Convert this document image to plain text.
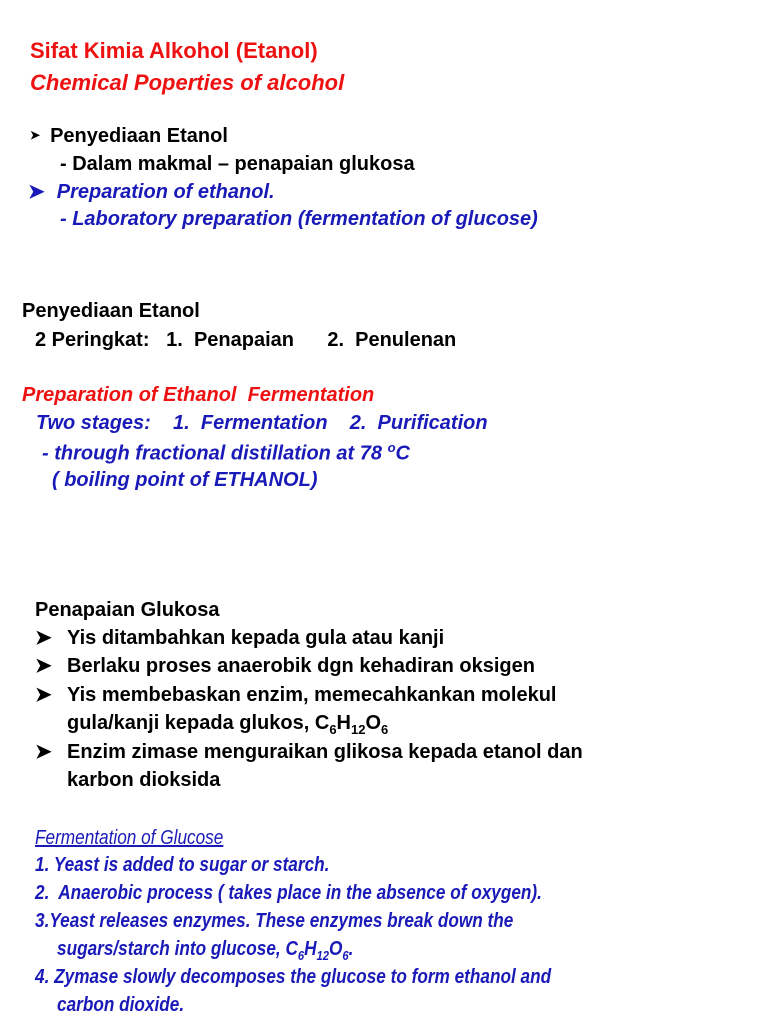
Sifat Kimia Alkohol (Etanol)
Chemical Poperties of alcohol
➤ Penyediaan Etanol
- Dalam makmal – penapaian glukosa
➤ Preparation of ethanol.
- Laboratory preparation (fermentation of glucose)
Penyediaan Etanol
2 Peringkat:   1.  Penapaian      2.  Penulenan
Preparation of Ethanol  Fermentation
Two stages:    1.  Fermentation    2.  Purification
- through fractional distillation at 78 $^o$C
( boiling point of ETHANOL)
Penapaian Glukosa
➤ Yis ditambahkan kepada gula atau kanji
➤ Berlaku proses anaerobik dgn kehadiran oksigen
➤ Yis membebaskan enzim, memecahkankan molekul
gula/kanji kepada glukos, $C_6H_{12}O_6$
➤ Enzim zimase menguraikan glikosa kepada etanol dan
karbon dioksida
Fermentation of Glucose
1. Yeast is added to sugar or starch.
2.  Anaerobic process ( takes place in the absence of oxygen).
3.Yeast releases enzymes. These enzymes break down the
sugars/starch into glucose, $C_6H_{12}O_6$.
4. Zymase slowly decomposes the glucose to form ethanol and
carbon dioxide.
